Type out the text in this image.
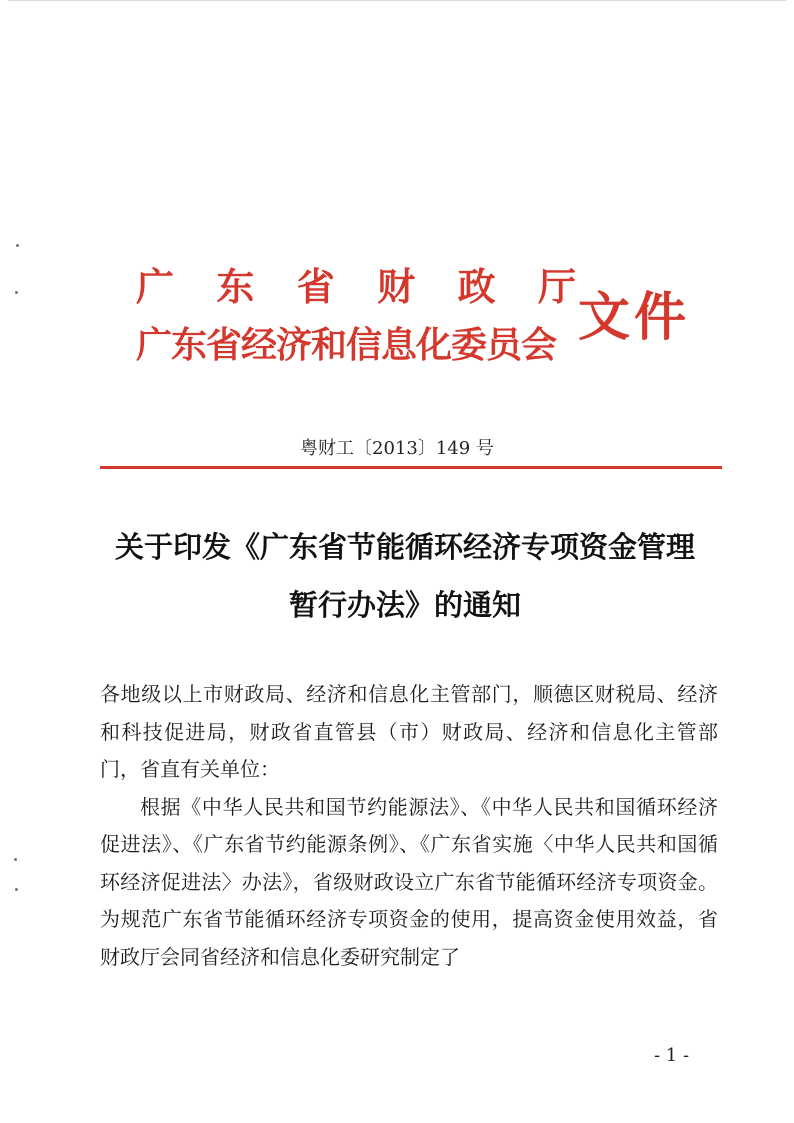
广 东 省 财 政 厅
广东省经济和信息化委员会 文件
粤财工〔2013〕149 号
关于印发《广东省节能循环经济专项资金管理
暂行办法》的通知

各地级以上市财政局、经济和信息化主管部门，顺德区财税局、经济和科技促进局，财政省直管县（市）财政局、经济和信息化主管部门，省直有关单位：

根据《中华人民共和国节约能源法》、《中华人民共和国循环经济促进法》、《广东省节约能源条例》、《广东省实施〈中华人民共和国循环经济促进法〉办法》，省级财政设立广东省节能循环经济专项资金。为规范广东省节能循环经济专项资金的使用，提高资金使用效益，省财政厅会同省经济和信息化委研究制定了

- 1 -
